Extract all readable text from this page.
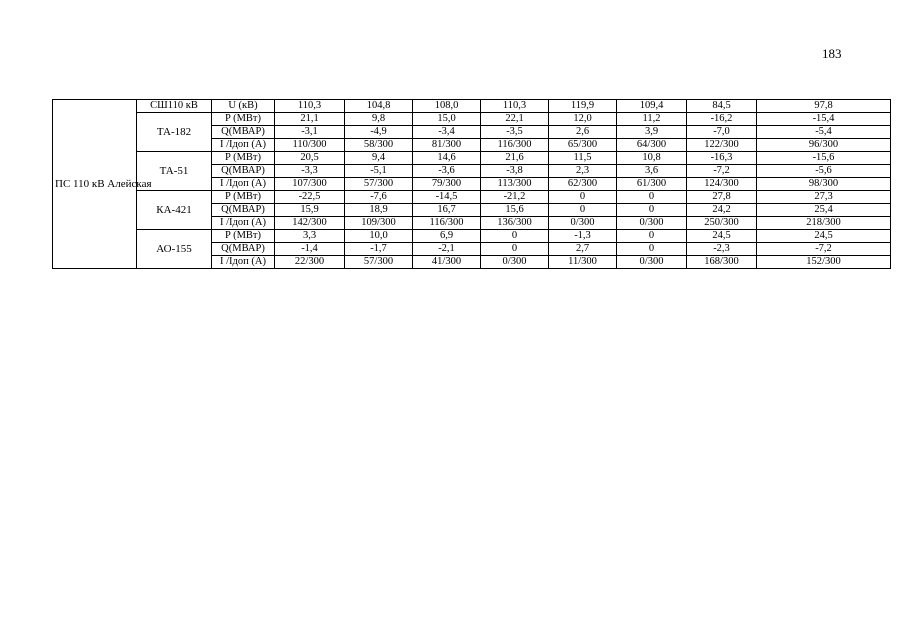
183
ПС 110 кВ Алейская	СШ110 кВ	U (кВ)	110,3	104,8	108,0	110,3	119,9	109,4	84,5	97,8
	ТА-182	P (МВт)	21,1	9,8	15,0	22,1	12,0	11,2	-16,2	-15,4
		Q(МВАР)	-3,1	-4,9	-3,4	-3,5	2,6	3,9	-7,0	-5,4
		I /Iдоп (А)	110/300	58/300	81/300	116/300	65/300	64/300	122/300	96/300
	ТА-51	P (МВт)	20,5	9,4	14,6	21,6	11,5	10,8	-16,3	-15,6
		Q(МВАР)	-3,3	-5,1	-3,6	-3,8	2,3	3,6	-7,2	-5,6
		I /Iдоп (А)	107/300	57/300	79/300	113/300	62/300	61/300	124/300	98/300
	КА-421	P (МВт)	-22,5	-7,6	-14,5	-21,2	0	0	27,8	27,3
		Q(МВАР)	15,9	18,9	16,7	15,6	0	0	24,2	25,4
		I /Iдоп (А)	142/300	109/300	116/300	136/300	0/300	0/300	250/300	218/300
	АО-155	P (МВт)	3,3	10,0	6,9	0	-1,3	0	24,5	24,5
		Q(МВАР)	-1,4	-1,7	-2,1	0	2,7	0	-2,3	-7,2
		I /Iдоп (А)	22/300	57/300	41/300	0/300	11/300	0/300	168/300	152/300
